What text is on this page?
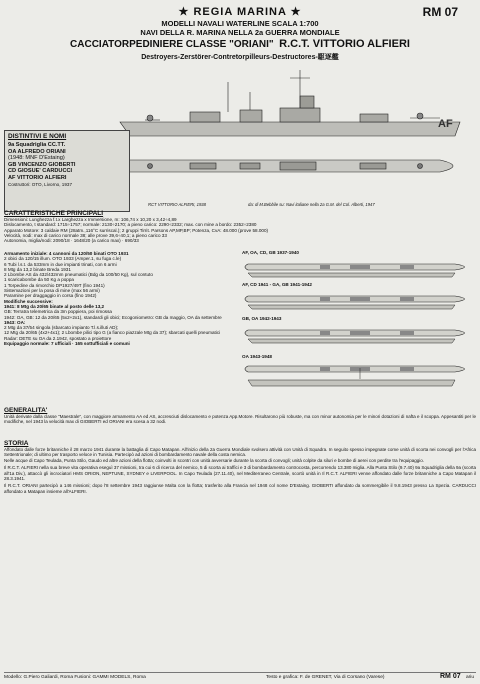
★ REGIA MARINA ★	RM 07
MODELLI NAVALI WATERLINE SCALA 1:700
NAVI DELLA R. MARINA NELLA 2a GUERRA MONDIALE
CACCIATORPEDINIERE CLASSE "ORIANI" R.C.T. VITTORIO ALFIERI
Destroyers-Zerstörer-Contretorpilleurs-Destructores-駆逐艦
AF
DISTINTIVI E NOMI
9a Squadriglia CC.TT.
OA ALFREDO ORIANI
(1948: MNF D'Estaing)
GB VINCENZO GIOBERTI
CD GIOSUE' CARDUCCI
AF VITTORIO ALFIERI
Costruttori: OTO, Livorno, 1937
RCT VITTORIO ALFIERI, 1938	da: di M.Bebbile su: Navi italiane nella 2a G.M. del Col. Alberti, 1947
CARATTERISTICHE PRINCIPALI
Dimensioni: Lunghezza f.t.x Larghezza x Immersione, m: 106,74 x 10,20 x 3,42÷4,89
Dislocamento, t standard: 1715÷1757; normale: 2130÷2170; a pieno carico: 2290÷2332; max. con mine a bordo: 2352÷2380
Apparato Motore: 3 caldaie RM (28atm.,116°C surriscal.); 2 gruppi Tirrit. Parsons AP,MP,BP; Potenza, CvA: 48.000 (prove 58.000)
Velocità, nodi: max di carico normale 38; alle prove 39,6÷40,1; a pieno carico 33
Autonomia, miglia/nodi: 2090/18 · 1648/20 (a carico max) · 690/33
Armamento iniziale: 4 cannoni da 120/50 binati OTO 1931
2 obici da 120/15 illum. OTO 1933 (Amper.1, su fuga c.le)
6 Tubi l.s.t. da 533mm in due impianti trinati, con 6 armi
8 Mtg da 13,2 binate Breda 1931
2 Lbombe AS da 432/432mm pneumatici (Bdg da 100/50 Kg), sul contuto
1 scaricabombe da 50 Kg a poppa
1 Torpedine da rimorchio DP1927/49T (fino 1941)
Sistemazioni per la posa di mine (max 56 armi)
Paramine per draggaggio in corsa (fino 1942)
Modifiche successive:
1941: 8 Mtg da 20/65 binate al posto delle 13,2
GB: Terratra telemetrica da 3m poppiera, poi rimossa
1942: OA, GB: 12 da 20/65 (5x2+2x1), standardi gli obici; Ecogoniometro: GB da maggio, OA da settembre
1943: OA:
2 Mtg da 37/54 singola (sbarcato impianto T.l.s.illuti AD);
12 Mtg da 20/65 (4x2+4x1); 2 Lbombe pilici tipo G (a fianco piazzale Mtg da 37); sbarcati quelli pneumatici
Radar: DETE su OA da 2.1942, spostato a proiettore
Equipaggio normale: 7 ufficiali · 165 sottufficiali e comuni
AF, OA, CD, GB 1937-1940
AF, CD 1941 - GA, GB 1941-1942
GB, OA 1942-1943
OA 1943-1948
GENERALITA'
Unità derivate dalla classe "Maestrale", con maggiore armamento AA ed AS, accresciuti dislocamento e potenza App.Motore. Risultarono più robuste, ma con minor autonomia per le minori dotazioni di nafta e il scoppa. Appesantiti per le modifiche, nel 1943 la velocità max di GIOBERTI ed ORIANI era scesa a 32 nodi.
STORIA
Affondato dalle forze britanniche il 28 marzo 1941 durante la battaglia di Capo Matapan. All'inizio della 2a Guerra Mondiale svolsero attività con Unità di Squadra. In seguito spesso impegnate come unità di scorta nei convogli per l'Africa Settentrionale; di ultimo per trasporto veloce in Tunisia. Partecipò ad azioni di bombardamento navale della costa nemica.
Nelle acque di Capo Teulada, Punta Stilo, Gaudo ed altre azioni della flotta; coinvolti in scontri con unità avversarie durante la scorta di convogli; unità colpite da siluri e bombe di aerei con perdite tra l'equipaggio.
Il R.C.T. ALFIERI nella sua breve vita operativa eseguì 37 missioni, tra cui 6 di ricerca del nemico, 5 di scorta ai traffici e 3 di bombardamento controcosta, percorrendo 13.380 miglia. Alla Punta Stilo (9.7.40) 9a Squadriglia della 9a (scorta all'1a Div.), attaccò gli incrociatori HMS ORION, NEPTUNE, SYDNEY e LIVERPOOL. In Capo Teulada (27.11.40), nel Mediterraneo Centrale, scortò unità in Il R.C.T. ALFIERI venne affondato dalle forze britanniche a Capo Matapan il 28.3.1941.
Il R.C.T. ORIANI partecipò a 146 missioni; dopo l'8 settembre 1943 raggiunse Malta con la flotta; trasferito alla Francia nel 1948 col nome D'Estaing. GIOBERTI affondato da sommergibile il 9.8.1943 presso La Spezia. CARDUCCI affondato a Matapan insieme all'ALFIERI.
Modello: G.Piero Galiardi, Roma Fusioni: GAMMI MODELS, Roma	Testo e grafica: F. de GRENET, Via di Corsano (Varese)	RM 07 ariu
